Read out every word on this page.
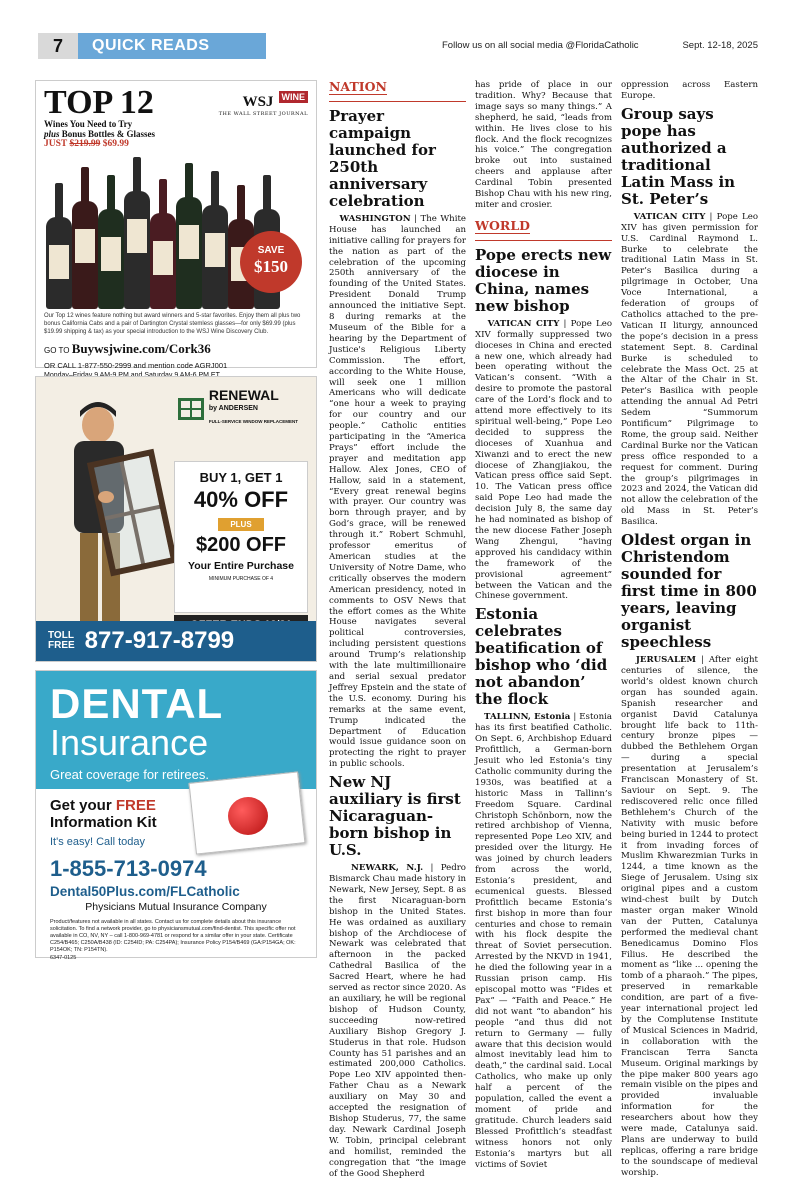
7	QUICK READS	Follow us on all social media @FloridaCatholic	Sept. 12-18, 2025
TOP 12
Wines You Need to Try
plus Bonus Bottles & Glasses
JUST $219.99 $69.99
WSJ WINE
THE WALL STREET JOURNAL
SAVE
$150
Our Top 12 wines feature nothing but award winners and 5-star favorites. Enjoy them all plus two bonus California Cabs and a pair of Dartington Crystal stemless glasses—for only $69.99 (plus $19.99 shipping & tax) as your special introduction to the WSJ Wine Discovery Club.
GO TO Buywsjwine.com/Cork36
OR CALL 1-877-550-2999 and mention code AGRJ001
RENEWAL
by ANDERSEN
FULL-SERVICE WINDOW REPLACEMENT
BUY 1, GET 1
40% OFF
PLUS
$200 OFF
Your Entire Purchase
MINIMUM PURCHASE OF 4
TOLL
FREE 877-917-8799
DENTAL
Insurance
Great coverage for retirees.
Get your FREE
Information Kit
It's easy! Call today
1-855-713-0974
Dental50Plus.com/FLCatholic
Physicians Mutual Insurance Company
Product/features not available in all states. Contact us for complete details about this insurance solicitation. To find a network provider, go to physiciansmutual.com/find-dentist. This specific offer not available in CO, NV, NY – call 1-800-969-4781 or respond for a similar offer in your state. Certificate C254/B465; C250A/B438 (ID: C254ID; PA: C254PA); Insurance Policy P154/B469 (GA:P154GA; OK: P154OK; TN: P154TN).
6347-0125
NATION
Prayer campaign launched for 250th anniversary celebration

WASHINGTON | The White House has launched an initiative calling for prayers for the nation as part of the celebration of the upcoming 250th anniversary of the founding of the United States. President Donald Trump announced the initiative Sept. 8 during remarks at the Museum of the Bible for a hearing by the Department of Justice's Religious Liberty Commission. The effort, according to the White House, will seek one 1 million Americans who will dedicate “one hour a week to praying for our country and our people.” Catholic entities participating in the “America Prays” effort include the prayer and meditation app Hallow. Alex Jones, CEO of Hallow, said in a statement, “Every great renewal begins with prayer. Our country was born through prayer, and by God’s grace, will be renewed through it.” Robert Schmuhl, professor emeritus of American studies at the University of Notre Dame, who critically observes the modern American presidency, noted in comments to OSV News that the effort comes as the White House navigates several political controversies, including persistent questions around Trump’s relationship with the late multimillionaire and serial sexual predator Jeffrey Epstein and the state of the U.S. economy. During his remarks at the same event, Trump indicated the Department of Education would issue guidance soon on protecting the right to prayer in public schools.

New NJ auxiliary is first Nicaraguan-born bishop in U.S.

NEWARK, N.J. | Pedro Bismarck Chau made history in Newark, New Jersey, Sept. 8 as the first Nicaraguan-born bishop in the United States. He was ordained as auxiliary bishop of the Archdiocese of Newark was celebrated that afternoon in the packed Cathedral Basilica of the Sacred Heart, where he had served as rector since 2020. As an auxiliary, he will be regional bishop of Hudson County, succeeding now-retired Auxiliary Bishop Gregory J. Studerus in that role. Hudson County has 51 parishes and an estimated 200,000 Catholics. Pope Leo XIV appointed then-Father Chau as a Newark auxiliary on May 30 and accepted the resignation of Bishop Studerus, 77, the same day. Newark Cardinal Joseph W. Tobin, principal celebrant and homilist, reminded the congregation that “the image of the Good Shepherd

has pride of place in our tradition. Why? Because that image says so many things.” A shepherd, he said, “leads from within. He lives close to his flock. And the flock recognizes his voice.” The congregation broke out into sustained cheers and applause after Cardinal Tobin presented Bishop Chau with his new ring, miter and crosier.

WORLD
Pope erects new diocese in China, names new bishop

VATICAN CITY | Pope Leo XIV formally suppressed two dioceses in China and erected a new one, which already had been operating without the Vatican’s consent. “With a desire to promote the pastoral care of the Lord’s flock and to attend more effectively to its spiritual well-being,” Pope Leo decided to suppress the dioceses of Xuanhua and Xiwanzi and to erect the new diocese of Zhangjiakou, the Vatican press office said Sept. 10. The Vatican press office said Pope Leo had made the decision July 8, the same day he had nominated as bishop of the new diocese Father Joseph Wang Zhengui, “having approved his candidacy within the framework of the provisional agreement” between the Vatican and the Chinese government.

Estonia celebrates beatification of bishop who ‘did not abandon’ the flock

TALLINN, Estonia | Estonia has its first beatified Catholic. On Sept. 6, Archbishop Eduard Profittlich, a German-born Jesuit who led Estonia’s tiny Catholic community during the 1930s, was beatified at a historic Mass in Tallinn’s Freedom Square. Cardinal Christoph Schönborn, now the retired archbishop of Vienna, represented Pope Leo XIV, and presided over the liturgy. He was joined by church leaders from across the world, Estonia’s president, and ecumenical guests. Blessed Profittlich became Estonia’s first bishop in more than four centuries and chose to remain with his flock despite the threat of Soviet persecution. Arrested by the NKVD in 1941, he died the following year in a Russian prison camp. His episcopal motto was “Fides et Pax” — “Faith and Peace.” He did not want “to abandon” his people “and thus did not return to Germany — fully aware that this decision would almost inevitably lead him to death,” the cardinal said. Local Catholics, who make up only half a percent of the population, called the event a moment of pride and gratitude. Church leaders said Blessed Profittlich’s steadfast witness honors not only Estonia’s martyrs but all victims of Soviet

oppression across Eastern Europe.

Group says pope has authorized a traditional Latin Mass in St. Peter’s

VATICAN CITY | Pope Leo XIV has given permission for U.S. Cardinal Raymond L. Burke to celebrate the traditional Latin Mass in St. Peter’s Basilica during a pilgrimage in October, Una Voce International, a federation of groups of Catholics attached to the pre-Vatican II liturgy, announced the pope’s decision in a press statement Sept. 8. Cardinal Burke is scheduled to celebrate the Mass Oct. 25 at the Altar of the Chair in St. Peter’s Basilica with people attending the annual Ad Petri Sedem “Summorum Pontificum” Pilgrimage to Rome, the group said. Neither Cardinal Burke nor the Vatican press office responded to a request for comment. During the group’s pilgrimages in 2023 and 2024, the Vatican did not allow the celebration of the old Mass in St. Peter’s Basilica.

Oldest organ in Christendom sounded for first time in 800 years, leaving organist speechless

JERUSALEM | After eight centuries of silence, the world’s oldest known church organ has sounded again. Spanish researcher and organist David Catalunya brought life back to 11th-century bronze pipes — dubbed the Bethlehem Organ — during a special presentation at Jerusalem’s Franciscan Monastery of St. Saviour on Sept. 9. The rediscovered relic once filled Bethlehem’s Church of the Nativity with music before being buried in 1244 to protect it from invading forces of Muslim Khwarezmian Turks in 1244, a time known as the Siege of Jerusalem. Using six original pipes and a custom wind-chest built by Dutch master organ maker Winold van der Putten, Catalunya performed the medieval chant Benedicamus Domino Flos Filius. He described the moment as “like ... opening the tomb of a pharaoh.” The pipes, preserved in remarkable condition, are part of a five-year international project led by the Complutense Institute of Musical Sciences in Madrid, in collaboration with the Franciscan Terra Sancta Museum. Original markings by the pipe maker 800 years ago remain visible on the pipes and provided invaluable information for the researchers about how they were made, Catalunya said. Plans are underway to build replicas, offering a rare bridge to the soundscape of medieval worship.
